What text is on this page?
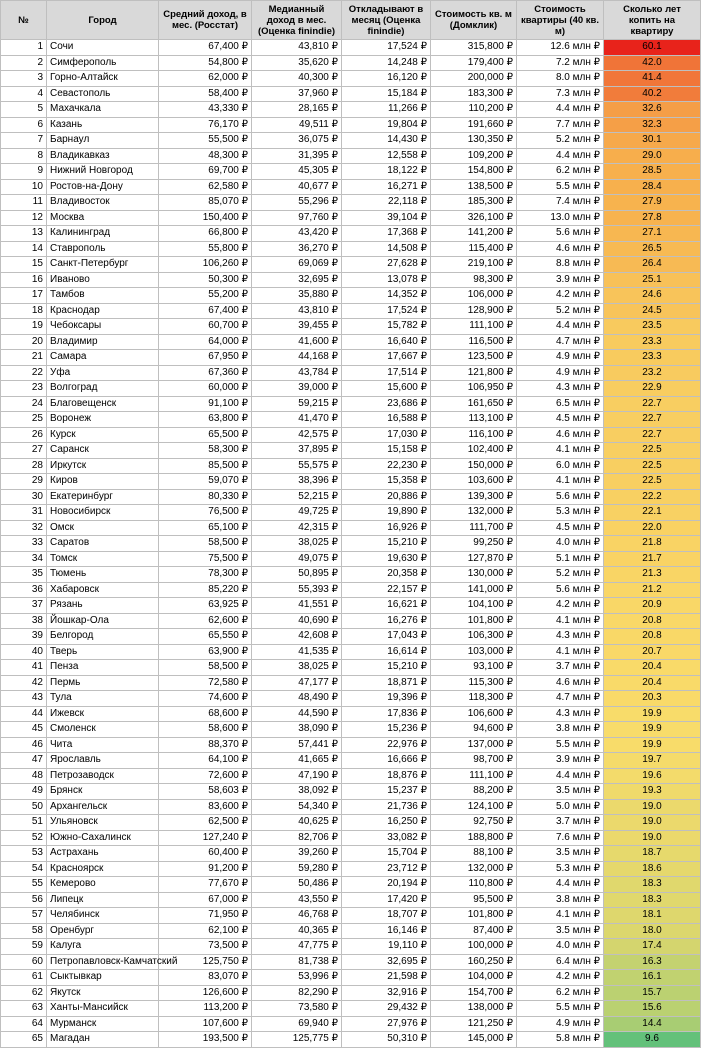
№	Город	Средний доход, в мес. (Росстат)	Медианный доход в мес. (Оценка finindie)	Откладывают в месяц (Оценка finindie)	Стоимость кв. м (Домклик)	Стоимость квартиры (40 кв. м)	Сколько лет копить на квартиру
1	Сочи	67,400 ₽	43,810 ₽	17,524 ₽	315,800 ₽	12.6 млн ₽	60.1
2	Симферополь	54,800 ₽	35,620 ₽	14,248 ₽	179,400 ₽	7.2 млн ₽	42.0
3	Горно-Алтайск	62,000 ₽	40,300 ₽	16,120 ₽	200,000 ₽	8.0 млн ₽	41.4
4	Севастополь	58,400 ₽	37,960 ₽	15,184 ₽	183,300 ₽	7.3 млн ₽	40.2
5	Махачкала	43,330 ₽	28,165 ₽	11,266 ₽	110,200 ₽	4.4 млн ₽	32.6
6	Казань	76,170 ₽	49,511 ₽	19,804 ₽	191,660 ₽	7.7 млн ₽	32.3
7	Барнаул	55,500 ₽	36,075 ₽	14,430 ₽	130,350 ₽	5.2 млн ₽	30.1
8	Владикавказ	48,300 ₽	31,395 ₽	12,558 ₽	109,200 ₽	4.4 млн ₽	29.0
9	Нижний Новгород	69,700 ₽	45,305 ₽	18,122 ₽	154,800 ₽	6.2 млн ₽	28.5
10	Ростов-на-Дону	62,580 ₽	40,677 ₽	16,271 ₽	138,500 ₽	5.5 млн ₽	28.4
11	Владивосток	85,070 ₽	55,296 ₽	22,118 ₽	185,300 ₽	7.4 млн ₽	27.9
12	Москва	150,400 ₽	97,760 ₽	39,104 ₽	326,100 ₽	13.0 млн ₽	27.8
13	Калининград	66,800 ₽	43,420 ₽	17,368 ₽	141,200 ₽	5.6 млн ₽	27.1
14	Ставрополь	55,800 ₽	36,270 ₽	14,508 ₽	115,400 ₽	4.6 млн ₽	26.5
15	Санкт-Петербург	106,260 ₽	69,069 ₽	27,628 ₽	219,100 ₽	8.8 млн ₽	26.4
16	Иваново	50,300 ₽	32,695 ₽	13,078 ₽	98,300 ₽	3.9 млн ₽	25.1
17	Тамбов	55,200 ₽	35,880 ₽	14,352 ₽	106,000 ₽	4.2 млн ₽	24.6
18	Краснодар	67,400 ₽	43,810 ₽	17,524 ₽	128,900 ₽	5.2 млн ₽	24.5
19	Чебоксары	60,700 ₽	39,455 ₽	15,782 ₽	111,100 ₽	4.4 млн ₽	23.5
20	Владимир	64,000 ₽	41,600 ₽	16,640 ₽	116,500 ₽	4.7 млн ₽	23.3
21	Самара	67,950 ₽	44,168 ₽	17,667 ₽	123,500 ₽	4.9 млн ₽	23.3
22	Уфа	67,360 ₽	43,784 ₽	17,514 ₽	121,800 ₽	4.9 млн ₽	23.2
23	Волгоград	60,000 ₽	39,000 ₽	15,600 ₽	106,950 ₽	4.3 млн ₽	22.9
24	Благовещенск	91,100 ₽	59,215 ₽	23,686 ₽	161,650 ₽	6.5 млн ₽	22.7
25	Воронеж	63,800 ₽	41,470 ₽	16,588 ₽	113,100 ₽	4.5 млн ₽	22.7
26	Курск	65,500 ₽	42,575 ₽	17,030 ₽	116,100 ₽	4.6 млн ₽	22.7
27	Саранск	58,300 ₽	37,895 ₽	15,158 ₽	102,400 ₽	4.1 млн ₽	22.5
28	Иркутск	85,500 ₽	55,575 ₽	22,230 ₽	150,000 ₽	6.0 млн ₽	22.5
29	Киров	59,070 ₽	38,396 ₽	15,358 ₽	103,600 ₽	4.1 млн ₽	22.5
30	Екатеринбург	80,330 ₽	52,215 ₽	20,886 ₽	139,300 ₽	5.6 млн ₽	22.2
31	Новосибирск	76,500 ₽	49,725 ₽	19,890 ₽	132,000 ₽	5.3 млн ₽	22.1
32	Омск	65,100 ₽	42,315 ₽	16,926 ₽	111,700 ₽	4.5 млн ₽	22.0
33	Саратов	58,500 ₽	38,025 ₽	15,210 ₽	99,250 ₽	4.0 млн ₽	21.8
34	Томск	75,500 ₽	49,075 ₽	19,630 ₽	127,870 ₽	5.1 млн ₽	21.7
35	Тюмень	78,300 ₽	50,895 ₽	20,358 ₽	130,000 ₽	5.2 млн ₽	21.3
36	Хабаровск	85,220 ₽	55,393 ₽	22,157 ₽	141,000 ₽	5.6 млн ₽	21.2
37	Рязань	63,925 ₽	41,551 ₽	16,621 ₽	104,100 ₽	4.2 млн ₽	20.9
38	Йошкар-Ола	62,600 ₽	40,690 ₽	16,276 ₽	101,800 ₽	4.1 млн ₽	20.8
39	Белгород	65,550 ₽	42,608 ₽	17,043 ₽	106,300 ₽	4.3 млн ₽	20.8
40	Тверь	63,900 ₽	41,535 ₽	16,614 ₽	103,000 ₽	4.1 млн ₽	20.7
41	Пенза	58,500 ₽	38,025 ₽	15,210 ₽	93,100 ₽	3.7 млн ₽	20.4
42	Пермь	72,580 ₽	47,177 ₽	18,871 ₽	115,300 ₽	4.6 млн ₽	20.4
43	Тула	74,600 ₽	48,490 ₽	19,396 ₽	118,300 ₽	4.7 млн ₽	20.3
44	Ижевск	68,600 ₽	44,590 ₽	17,836 ₽	106,600 ₽	4.3 млн ₽	19.9
45	Смоленск	58,600 ₽	38,090 ₽	15,236 ₽	94,600 ₽	3.8 млн ₽	19.9
46	Чита	88,370 ₽	57,441 ₽	22,976 ₽	137,000 ₽	5.5 млн ₽	19.9
47	Ярославль	64,100 ₽	41,665 ₽	16,666 ₽	98,700 ₽	3.9 млн ₽	19.7
48	Петрозаводск	72,600 ₽	47,190 ₽	18,876 ₽	111,100 ₽	4.4 млн ₽	19.6
49	Брянск	58,603 ₽	38,092 ₽	15,237 ₽	88,200 ₽	3.5 млн ₽	19.3
50	Архангельск	83,600 ₽	54,340 ₽	21,736 ₽	124,100 ₽	5.0 млн ₽	19.0
51	Ульяновск	62,500 ₽	40,625 ₽	16,250 ₽	92,750 ₽	3.7 млн ₽	19.0
52	Южно-Сахалинск	127,240 ₽	82,706 ₽	33,082 ₽	188,800 ₽	7.6 млн ₽	19.0
53	Астрахань	60,400 ₽	39,260 ₽	15,704 ₽	88,100 ₽	3.5 млн ₽	18.7
54	Красноярск	91,200 ₽	59,280 ₽	23,712 ₽	132,000 ₽	5.3 млн ₽	18.6
55	Кемерово	77,670 ₽	50,486 ₽	20,194 ₽	110,800 ₽	4.4 млн ₽	18.3
56	Липецк	67,000 ₽	43,550 ₽	17,420 ₽	95,500 ₽	3.8 млн ₽	18.3
57	Челябинск	71,950 ₽	46,768 ₽	18,707 ₽	101,800 ₽	4.1 млн ₽	18.1
58	Оренбург	62,100 ₽	40,365 ₽	16,146 ₽	87,400 ₽	3.5 млн ₽	18.0
59	Калуга	73,500 ₽	47,775 ₽	19,110 ₽	100,000 ₽	4.0 млн ₽	17.4
60	Петропавловск-Камчатский	125,750 ₽	81,738 ₽	32,695 ₽	160,250 ₽	6.4 млн ₽	16.3
61	Сыктывкар	83,070 ₽	53,996 ₽	21,598 ₽	104,000 ₽	4.2 млн ₽	16.1
62	Якутск	126,600 ₽	82,290 ₽	32,916 ₽	154,700 ₽	6.2 млн ₽	15.7
63	Ханты-Мансийск	113,200 ₽	73,580 ₽	29,432 ₽	138,000 ₽	5.5 млн ₽	15.6
64	Мурманск	107,600 ₽	69,940 ₽	27,976 ₽	121,250 ₽	4.9 млн ₽	14.4
65	Магадан	193,500 ₽	125,775 ₽	50,310 ₽	145,000 ₽	5.8 млн ₽	9.6
